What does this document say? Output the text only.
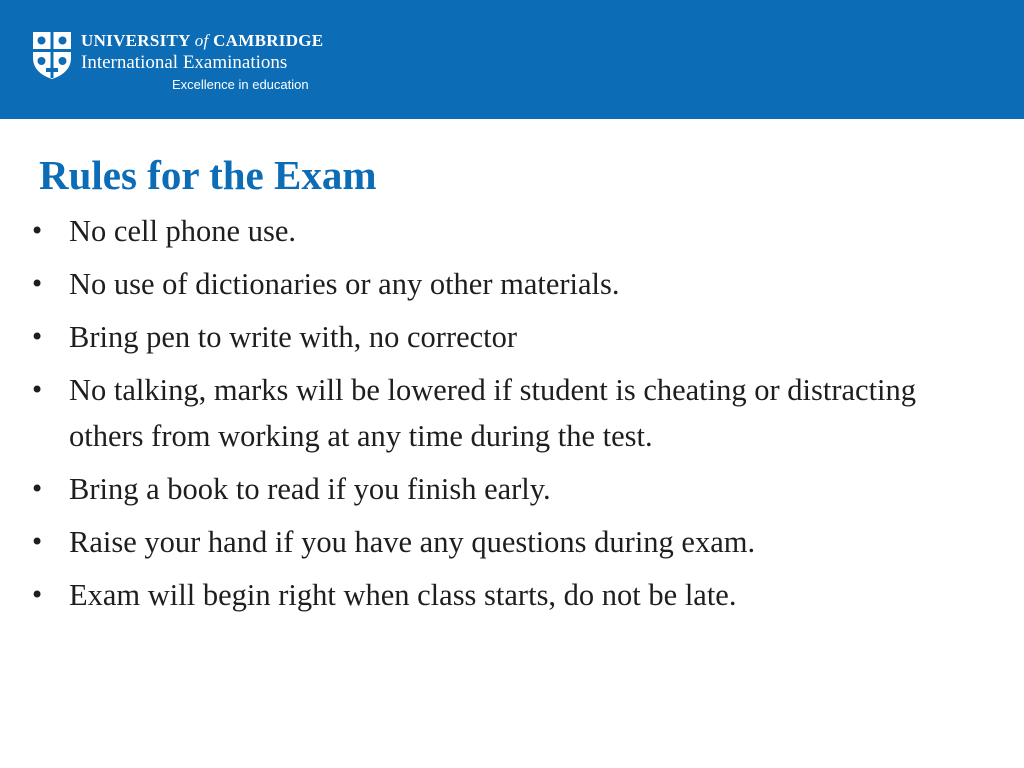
UNIVERSITY of CAMBRIDGE
International Examinations
Excellence in education
Rules for the Exam
• No cell phone use.
• No use of dictionaries or any other materials.
• Bring pen to write with, no corrector
• No talking, marks will be lowered if student is cheating or distracting others from working at any time during the test.
• Bring a book to read if you finish early.
• Raise your hand if you have any questions during exam.
• Exam will begin right when class starts, do not be late.
